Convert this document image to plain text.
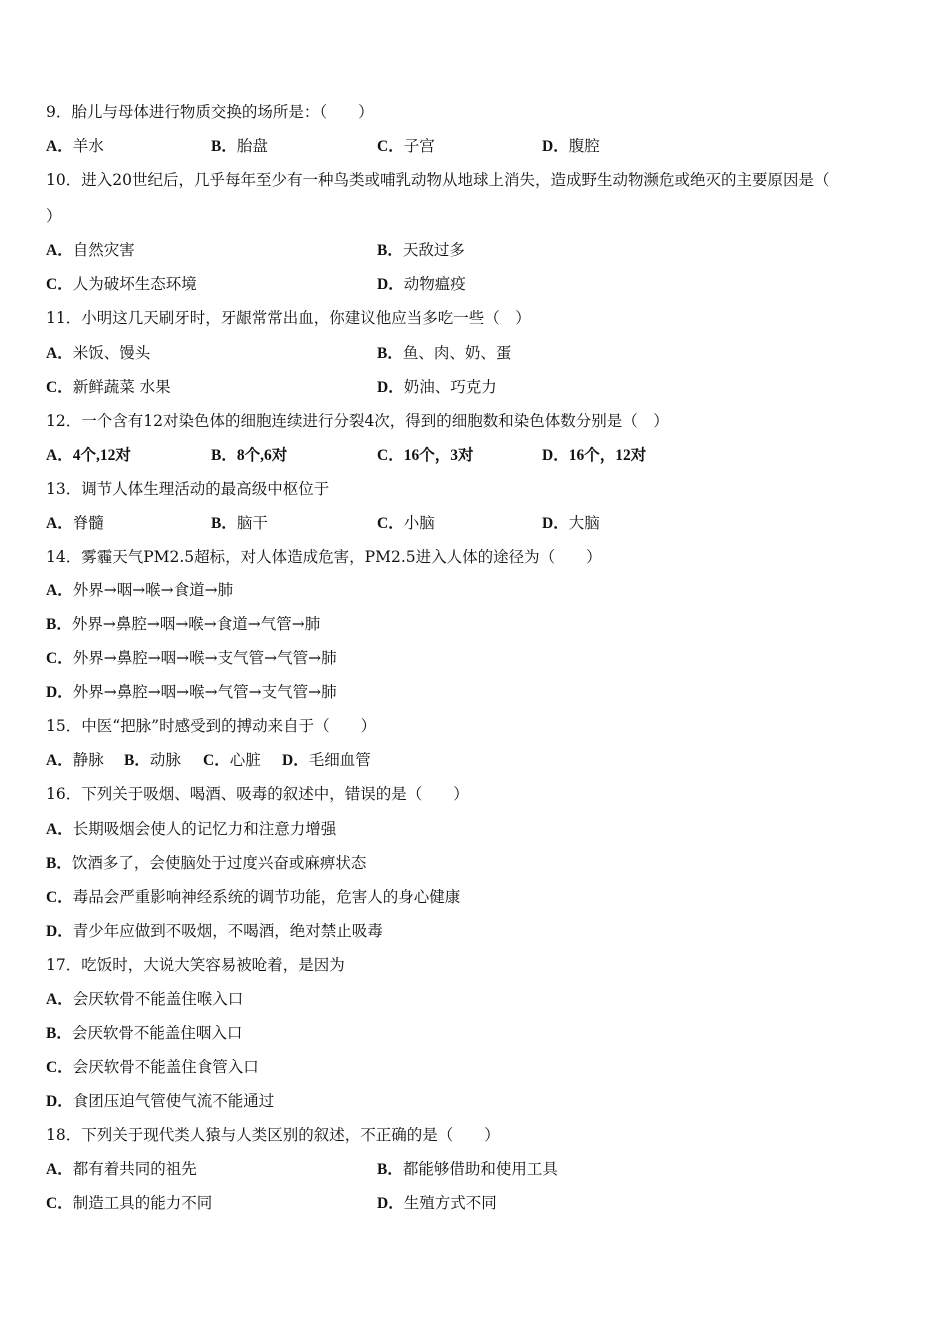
9．胎儿与母体进行物质交换的场所是：（　　）
A．羊水	B．胎盘	C．子宫	D．腹腔
10．进入20世纪后，几乎每年至少有一种鸟类或哺乳动物从地球上消失，造成野生动物濒危或绝灭的主要原因是（
）
A．自然灾害	B．天敌过多
C．人为破坏生态环境	D．动物瘟疫
11．小明这几天刷牙时，牙龈常常出血，你建议他应当多吃一些（　）
A．米饭、馒头	B．鱼、肉、奶、蛋
C．新鲜蔬菜 水果	D．奶油、巧克力
12．一个含有12对染色体的细胞连续进行分裂4次，得到的细胞数和染色体数分别是（　）
A．4个,12对	B．8个,6对	C．16个，3对	D．16个，12对
13．调节人体生理活动的最高级中枢位于
A．脊髓	B．脑干	C．小脑	D．大脑
14．雾霾天气PM2.5超标，对人体造成危害，PM2.5进入人体的途径为（　　）
A．外界→咽→喉→食道→肺
B．外界→鼻腔→咽→喉→食道→气管→肺
C．外界→鼻腔→咽→喉→支气管→气管→肺
D．外界→鼻腔→咽→喉→气管→支气管→肺
15．中医“把脉”时感受到的搏动来自于（　　）
A．静脉 B．动脉 C．心脏 D．毛细血管
16．下列关于吸烟、喝酒、吸毒的叙述中，错误的是（　　）
A．长期吸烟会使人的记忆力和注意力增强
B．饮酒多了，会使脑处于过度兴奋或麻痹状态
C．毒品会严重影响神经系统的调节功能，危害人的身心健康
D．青少年应做到不吸烟，不喝酒，绝对禁止吸毒
17．吃饭时，大说大笑容易被呛着，是因为
A．会厌软骨不能盖住喉入口
B．会厌软骨不能盖住咽入口
C．会厌软骨不能盖住食管入口
D．食团压迫气管使气流不能通过
18．下列关于现代类人猿与人类区别的叙述，不正确的是（　　）
A．都有着共同的祖先	B．都能够借助和使用工具
C．制造工具的能力不同	D．生殖方式不同
